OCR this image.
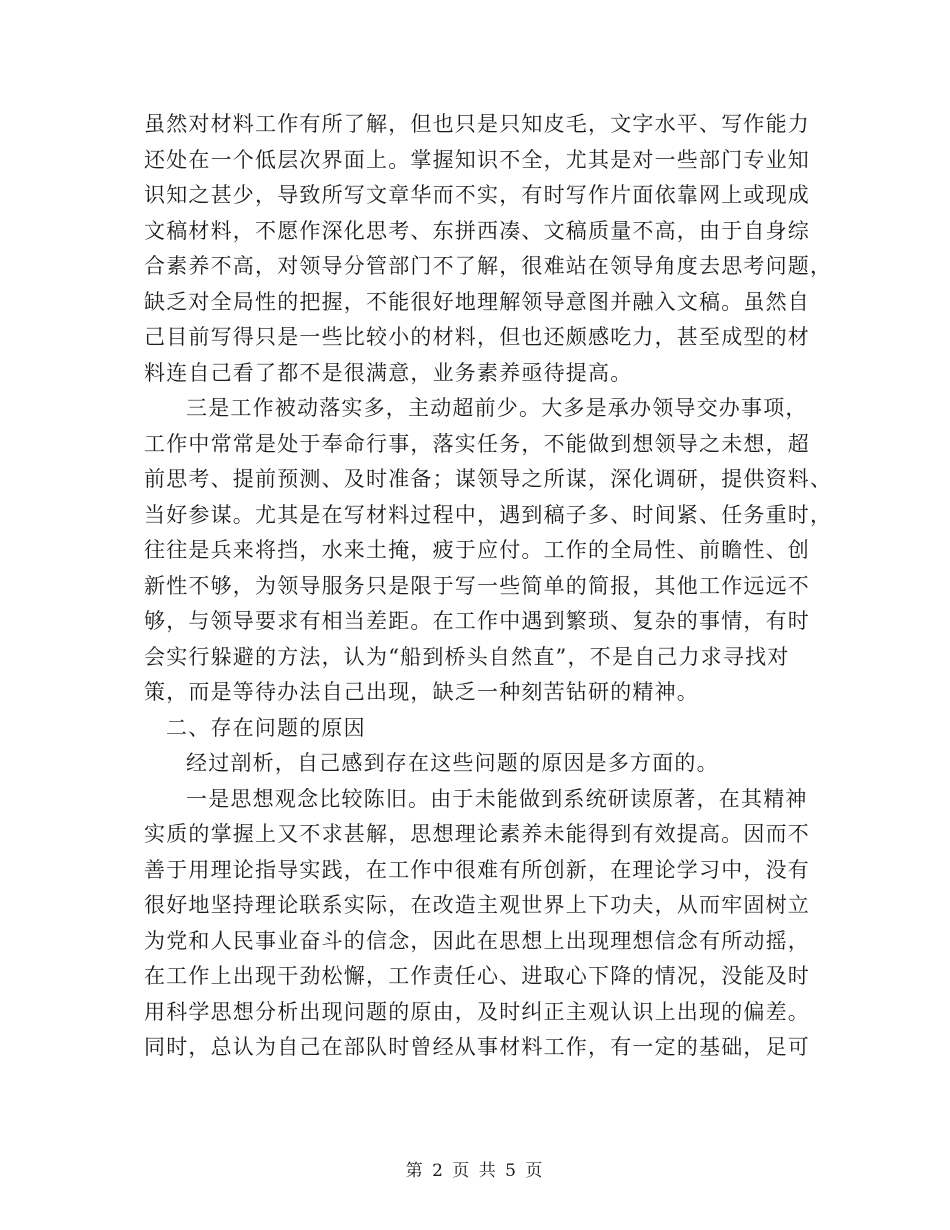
虽然对材料工作有所了解，但也只是只知皮毛，文字水平、写作能力
还处在一个低层次界面上。掌握知识不全，尤其是对一些部门专业知
识知之甚少，导致所写文章华而不实，有时写作片面依靠网上或现成
文稿材料，不愿作深化思考、东拼西凑、文稿质量不高，由于自身综
合素养不高，对领导分管部门不了解，很难站在领导角度去思考问题，
缺乏对全局性的把握，不能很好地理解领导意图并融入文稿。虽然自
己目前写得只是一些比较小的材料，但也还颇感吃力，甚至成型的材
料连自己看了都不是很满意，业务素养亟待提高。
三是工作被动落实多，主动超前少。大多是承办领导交办事项，
工作中常常是处于奉命行事，落实任务，不能做到想领导之未想，超
前思考、提前预测、及时准备；谋领导之所谋，深化调研，提供资料、
当好参谋。尤其是在写材料过程中，遇到稿子多、时间紧、任务重时，
往往是兵来将挡，水来土掩，疲于应付。工作的全局性、前瞻性、创
新性不够，为领导服务只是限于写一些简单的简报，其他工作远远不
够，与领导要求有相当差距。在工作中遇到繁琐、复杂的事情，有时
会实行躲避的方法，认为“船到桥头自然直”，不是自己力求寻找对
策，而是等待办法自己出现，缺乏一种刻苦钻研的精神。
二、存在问题的原因
经过剖析，自己感到存在这些问题的原因是多方面的。
一是思想观念比较陈旧。由于未能做到系统研读原著，在其精神
实质的掌握上又不求甚解，思想理论素养未能得到有效提高。因而不
善于用理论指导实践，在工作中很难有所创新，在理论学习中，没有
很好地坚持理论联系实际，在改造主观世界上下功夫，从而牢固树立
为党和人民事业奋斗的信念，因此在思想上出现理想信念有所动摇，
在工作上出现干劲松懈，工作责任心、进取心下降的情况，没能及时
用科学思想分析出现问题的原由，及时纠正主观认识上出现的偏差。
同时，总认为自己在部队时曾经从事材料工作，有一定的基础，足可
第 2 页 共 5 页
